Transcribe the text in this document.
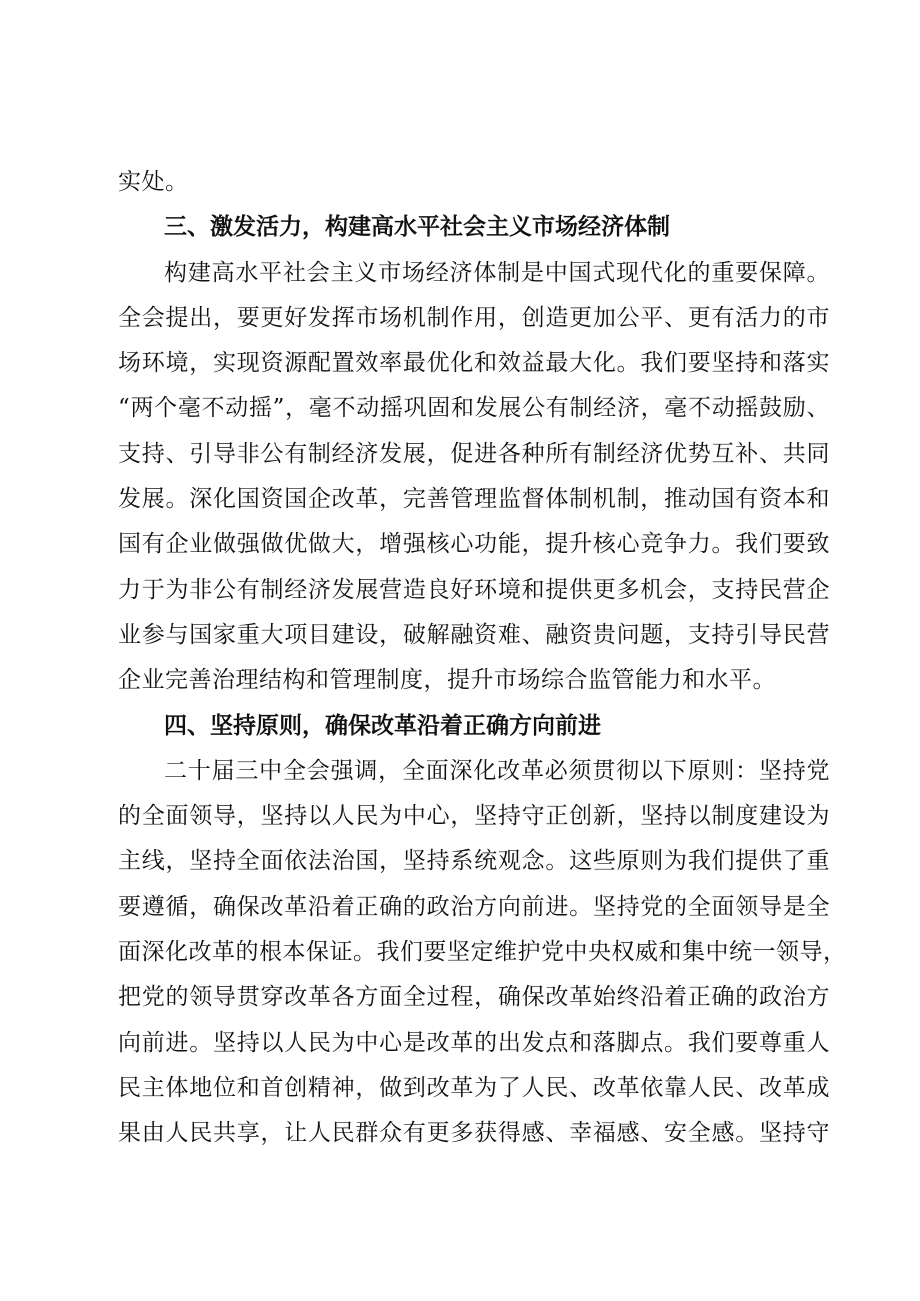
实处。
三、激发活力，构建高水平社会主义市场经济体制
构建高水平社会主义市场经济体制是中国式现代化的重要保障。
全会提出，要更好发挥市场机制作用，创造更加公平、更有活力的市
场环境，实现资源配置效率最优化和效益最大化。我们要坚持和落实
“两个毫不动摇”，毫不动摇巩固和发展公有制经济，毫不动摇鼓励、
支持、引导非公有制经济发展，促进各种所有制经济优势互补、共同
发展。深化国资国企改革，完善管理监督体制机制，推动国有资本和
国有企业做强做优做大，增强核心功能，提升核心竞争力。我们要致
力于为非公有制经济发展营造良好环境和提供更多机会，支持民营企
业参与国家重大项目建设，破解融资难、融资贵问题，支持引导民营
企业完善治理结构和管理制度，提升市场综合监管能力和水平。
四、坚持原则，确保改革沿着正确方向前进
二十届三中全会强调，全面深化改革必须贯彻以下原则：坚持党
的全面领导，坚持以人民为中心，坚持守正创新，坚持以制度建设为
主线，坚持全面依法治国，坚持系统观念。这些原则为我们提供了重
要遵循，确保改革沿着正确的政治方向前进。坚持党的全面领导是全
面深化改革的根本保证。我们要坚定维护党中央权威和集中统一领导，
把党的领导贯穿改革各方面全过程，确保改革始终沿着正确的政治方
向前进。坚持以人民为中心是改革的出发点和落脚点。我们要尊重人
民主体地位和首创精神，做到改革为了人民、改革依靠人民、改革成
果由人民共享，让人民群众有更多获得感、幸福感、安全感。坚持守
